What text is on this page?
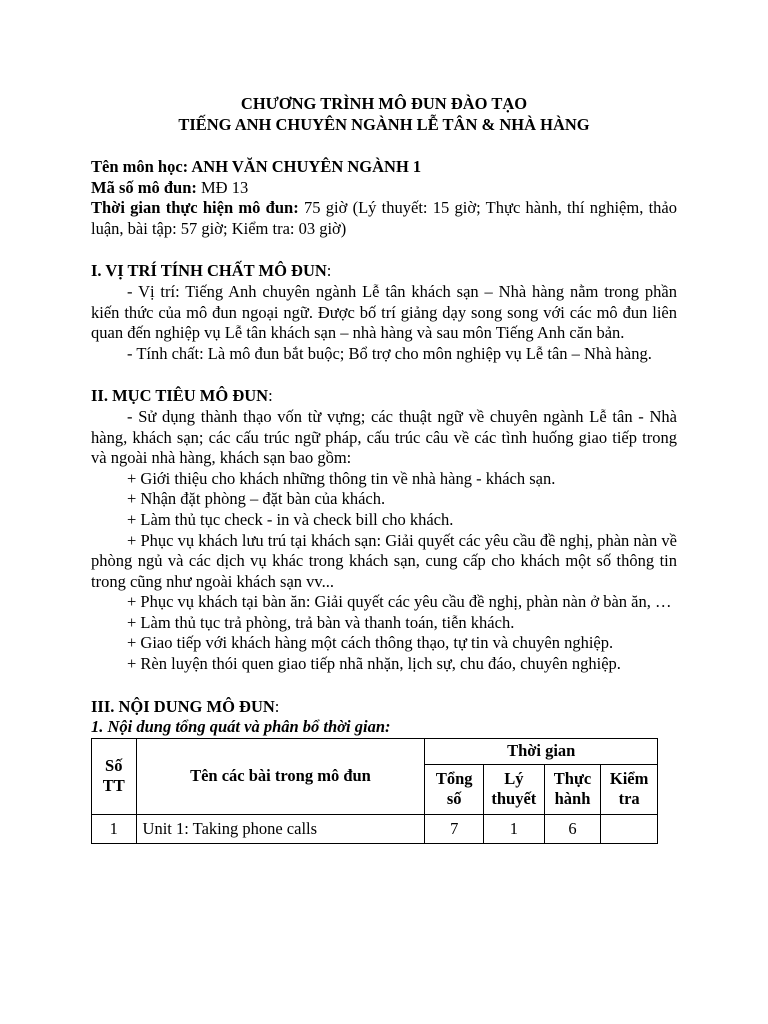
CHƯƠNG TRÌNH MÔ ĐUN ĐÀO TẠO
TIẾNG ANH CHUYÊN NGÀNH LỄ TÂN & NHÀ HÀNG

Tên môn học: ANH VĂN CHUYÊN NGÀNH 1

Mã số mô đun: MĐ 13

Thời gian thực hiện mô đun: 75 giờ (Lý thuyết: 15 giờ; Thực hành, thí nghiệm, thảo luận, bài tập: 57 giờ; Kiểm tra: 03 giờ)

I. VỊ TRÍ TÍNH CHẤT MÔ ĐUN:

- Vị trí: Tiếng Anh chuyên ngành Lễ tân khách sạn – Nhà hàng nằm trong phần kiến thức của mô đun ngoại ngữ. Được bố trí giảng dạy song song với các mô đun liên quan đến nghiệp vụ Lễ tân khách sạn – nhà hàng và sau môn Tiếng Anh căn bản.

- Tính chất: Là mô đun bắt buộc; Bổ trợ cho môn nghiệp vụ Lễ tân – Nhà hàng.

II. MỤC TIÊU MÔ ĐUN:

- Sử dụng thành thạo vốn từ vựng; các thuật ngữ về chuyên ngành Lễ tân - Nhà hàng, khách sạn; các cấu trúc ngữ pháp, cấu trúc câu về các tình huống giao tiếp trong và ngoài nhà hàng, khách sạn bao gồm:

+ Giới thiệu cho khách những thông tin về nhà hàng - khách sạn.

+ Nhận đặt phòng – đặt bàn của khách.

+ Làm thủ tục check - in và check bill cho khách.

+ Phục vụ khách lưu trú tại khách sạn: Giải quyết các yêu cầu đề nghị, phàn nàn về phòng ngủ và các dịch vụ khác trong khách sạn, cung cấp cho khách một số thông tin trong cũng như ngoài khách sạn vv...

+ Phục vụ khách tại bàn ăn: Giải quyết các yêu cầu đề nghị, phàn nàn ở bàn ăn, …

+ Làm thủ tục trả phòng, trả bàn và thanh toán, tiễn khách.

+ Giao tiếp với khách hàng một cách thông thạo, tự tin và chuyên nghiệp.

+ Rèn luyện thói quen giao tiếp nhã nhặn, lịch sự, chu đáo, chuyên nghiệp.

III. NỘI DUNG MÔ ĐUN:

1. Nội dung tổng quát và phân bổ thời gian:

Số TT	Tên các bài trong mô đun	Thời gian			
		Tổng số	Lý thuyết	Thực hành	Kiểm tra
1	Unit 1: Taking phone calls	7	1	6	
